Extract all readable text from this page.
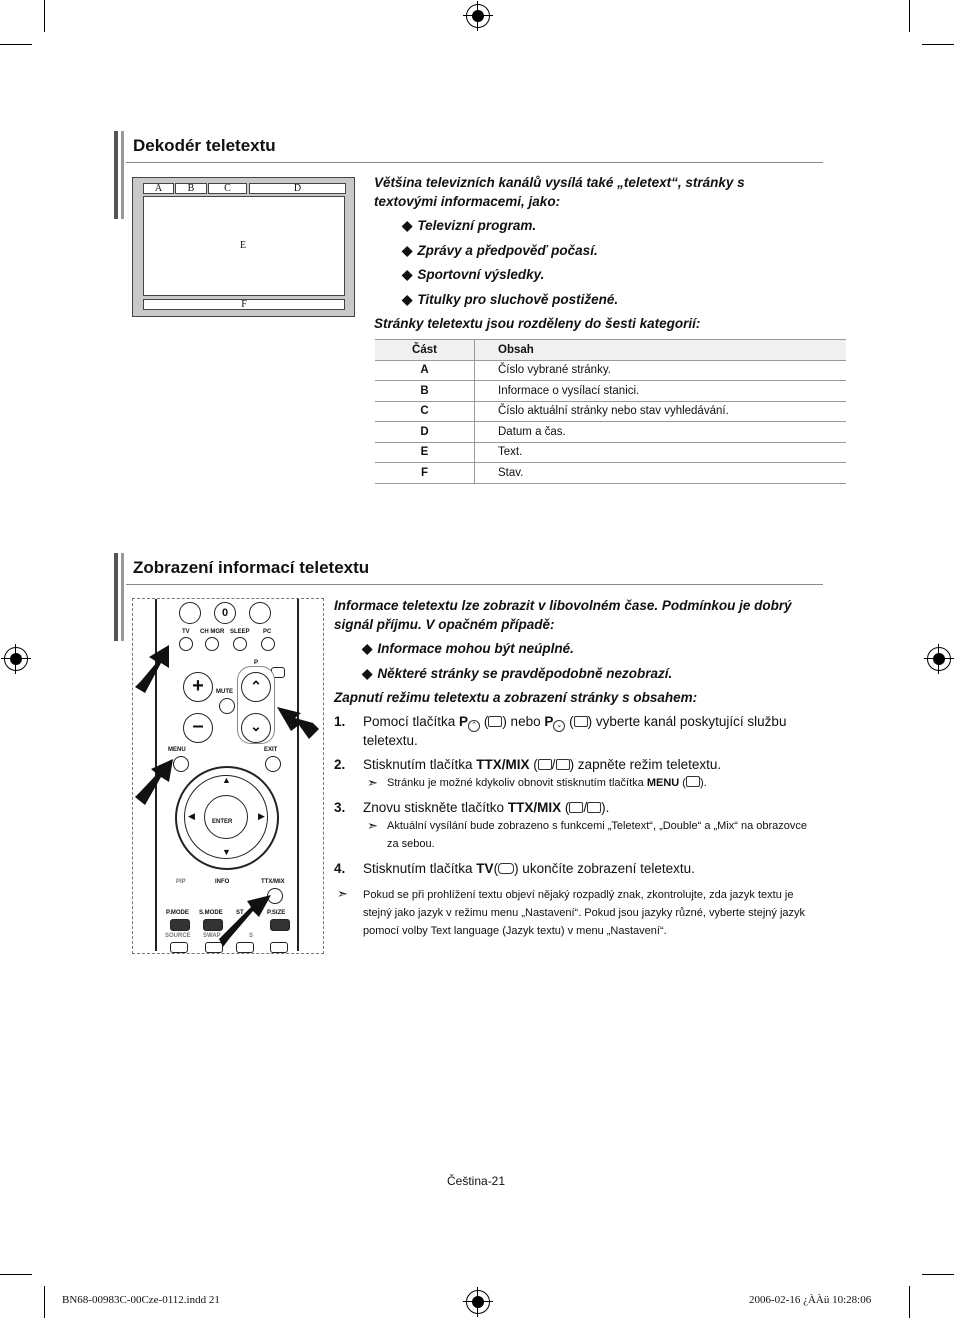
Dekodér teletextu
A	B	C	D
E
F
Většina televizních kanálů vysílá také „teletext“, stránky s textovými informacemi, jako:
◆ Televizní program.
◆ Zprávy a předpověď počasí.
◆ Sportovní výsledky.
◆ Titulky pro sluchově postižené.
Stránky teletextu jsou rozděleny do šesti kategorií:
Část	Obsah
A	Číslo vybrané stránky.
B	Informace o vysílací stanici.
C	Číslo aktuální stránky nebo stav vyhledávání.
D	Datum a čas.
E	Text.
F	Stav.
Zobrazení informací teletextu
0
TV CH MGR SLEEP PC
P
+	⌃
MUTE
–	⌄
MENU	EXIT
▲
▼
◀	▶
ENTER
PIP	INFO	TTX/MIX
P.MODE S.MODE ST	P.SIZE
SOURCE SWAP	S
Informace teletextu lze zobrazit v libovolném čase. Podmínkou je dobrý signál příjmu. V opačném případě:
◆ Informace mohou být neúplné.
◆ Některé stránky se pravděpodobně nezobrazí.
Zapnutí režimu teletextu a zobrazení stránky s obsahem:
1. Pomocí tlačítka P ⌃ ( ) nebo P ⌄ ( ) vyberte kanál poskytující službu teletextu.
2. Stisknutím tlačítka TTX/MIX ( / ) zapněte režim teletextu.
➣ Stránku je možné kdykoliv obnovit stisknutím tlačítka MENU ( ).
3. Znovu stiskněte tlačítko TTX/MIX ( / ).
➣ Aktuální vysílání bude zobrazeno s funkcemi „Teletext“, „Double“ a „Mix“ na obrazovce za sebou.
4. Stisknutím tlačítka TV( ) ukončíte zobrazení teletextu.
➣ Pokud se při prohlížení textu objeví nějaký rozpadlý znak, zkontrolujte, zda jazyk textu je stejný jako jazyk v režimu menu „Nastavení“. Pokud jsou jazyky různé, vyberte stejný jazyk pomocí volby Text language (Jazyk textu) v menu „Nastavení“.
Čeština-21
BN68-00983C-00Cze-0112.indd 21	2006-02-16 ¿ÀÀü 10:28:06
